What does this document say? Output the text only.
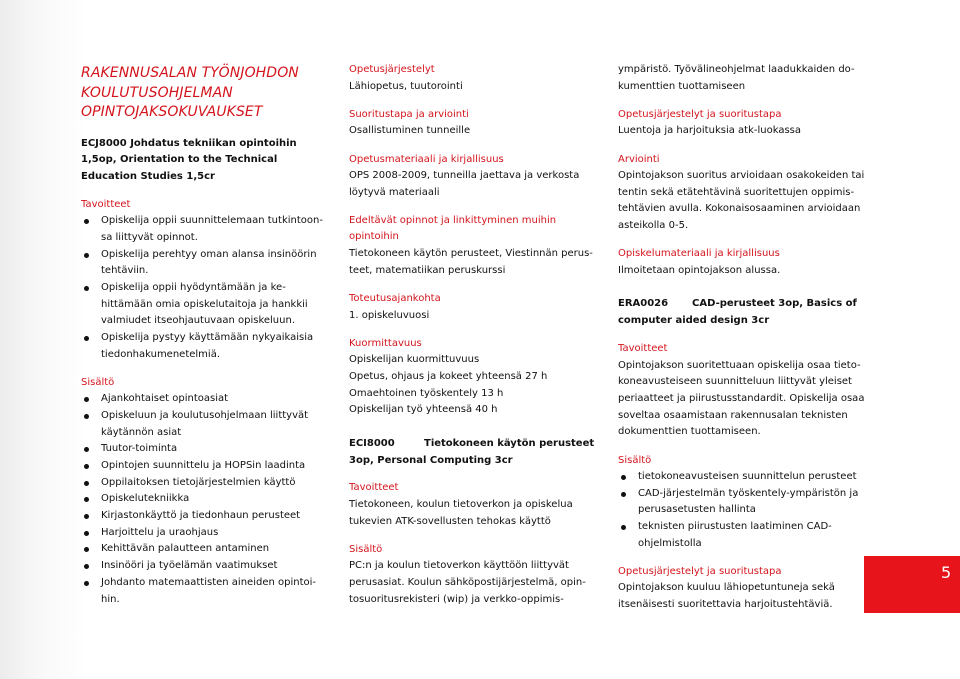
RAKENNUSALAN TYÖNJOHDON
KOULUTUSOHJELMAN
OPINTOJAKSOKUVAUKSET
ECJ8000 Johdatus tekniikan opintoihin
1,5op, Orientation to the Technical
Education Studies 1,5cr
Tavoitteet
Opiskelija oppii suunnittelemaan tutkintoon-
sa liittyvät opinnot.
Opiskelija perehtyy oman alansa insinöörin
tehtäviin.
Opiskelija oppii hyödyntämään ja ke-
hittämään omia opiskelutaitoja ja hankkii
valmiudet itseohjautuvaan opiskeluun.
Opiskelija pystyy käyttämään nykyaikaisia
tiedonhakumenetelmiä.
Sisältö
Ajankohtaiset opintoasiat
Opiskeluun ja koulutusohjelmaan liittyvät
käytännön asiat
Tuutor-toiminta
Opintojen suunnittelu ja HOPSin laadinta
Oppilaitoksen tietojärjestelmien käyttö
Opiskelutekniikka
Kirjastonkäyttö ja tiedonhaun perusteet
Harjoittelu ja uraohjaus
Kehittävän palautteen antaminen
Insinööri ja työelämän vaatimukset
Johdanto matemaattisten aineiden opintoi-
hin.
Opetusjärjestelyt
Lähiopetus, tuutorointi
Suoritustapa ja arviointi
Osallistuminen tunneille
Opetusmateriaali ja kirjallisuus
OPS 2008-2009, tunneilla jaettava ja verkosta
löytyvä materiaali
Edeltävät opinnot ja linkittyminen muihin
opintoihin
Tietokoneen käytön perusteet, Viestinnän perus-
teet, matematiikan peruskurssi
Toteutusajankohta
1. opiskeluvuosi
Kuormittavuus
Opiskelijan kuormittuvuus
Opetus, ohjaus ja kokeet yhteensä 27 h
Omaehtoinen työskentely 13 h
Opiskelijan työ yhteensä 40 h
ECI8000	Tietokoneen käytön perusteet
3op, Personal Computing 3cr
Tavoitteet
Tietokoneen, koulun tietoverkon ja opiskelua
tukevien ATK-sovellusten tehokas käyttö
Sisältö
PC:n ja koulun tietoverkon käyttöön liittyvät
perusasiat. Koulun sähköpostijärjestelmä, opin-
tosuoritusrekisteri (wip) ja verkko-oppimis-
ympäristö. Työvälineohjelmat laadukkaiden do-
kumenttien tuottamiseen
Opetusjärjestelyt ja suoritustapa
Luentoja ja harjoituksia atk-luokassa
Arviointi
Opintojakson suoritus arvioidaan osakokeiden tai
tentin sekä etätehtävinä suoritettujen oppimis-
tehtävien avulla. Kokonaisosaaminen arvioidaan
asteikolla 0-5.
Opiskelumateriaali ja kirjallisuus
Ilmoitetaan opintojakson alussa.
ERA0026 CAD-perusteet 3op, Basics of
computer aided design 3cr
Tavoitteet
Opintojakson suoritettuaan opiskelija osaa tieto-
koneavusteiseen suunnitteluun liittyvät yleiset
periaatteet ja piirustusstandardit. Opiskelija osaa
soveltaa osaamistaan rakennusalan teknisten
dokumenttien tuottamiseen.
Sisältö
tietokoneavusteisen suunnittelun perusteet
CAD-järjestelmän työskentely-ympäristön ja
perusasetusten hallinta
teknisten piirustusten laatiminen CAD-
ohjelmistolla
Opetusjärjestelyt ja suoritustapa
Opintojakson kuuluu lähiopetuntuneja sekä
itsenäisesti suoritettavia harjoitustehtäviä.
5
